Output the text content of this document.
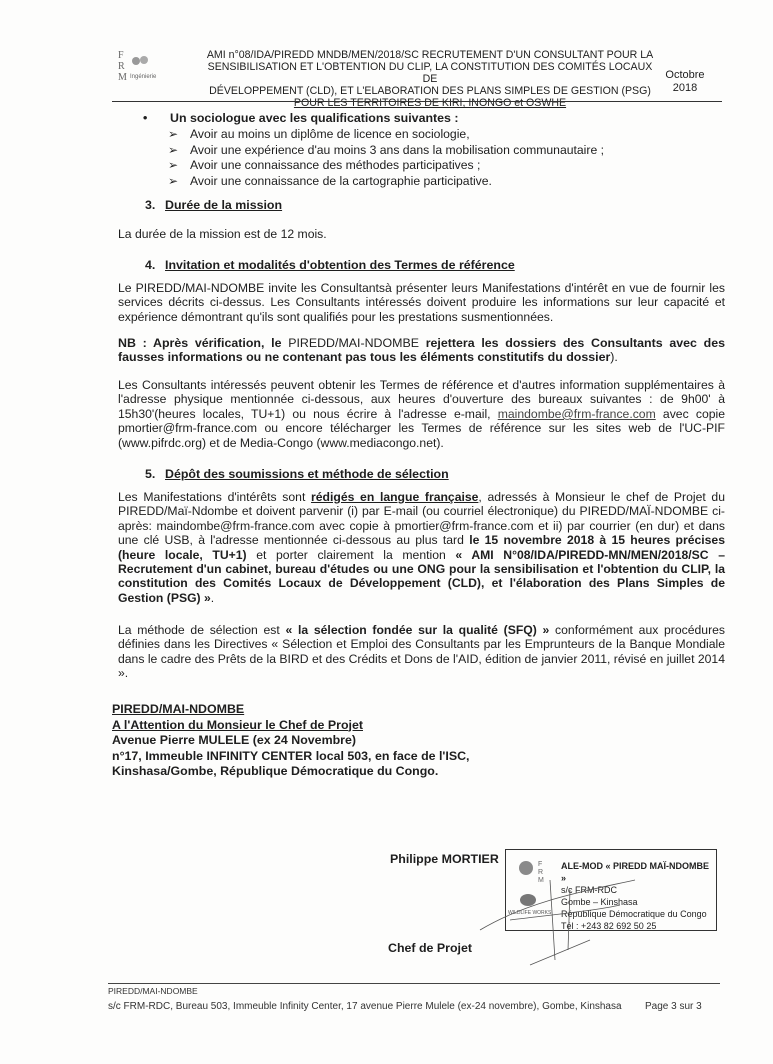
F
R
M Ingénierie
AMI n°08/IDA/PIREDD MNDB/MEN/2018/SC RECRUTEMENT D'UN CONSULTANT POUR LA
SENSIBILISATION ET L'OBTENTION DU CLIP, LA CONSTITUTION DES COMITÉS LOCAUX DE
DÉVELOPPEMENT (CLD), ET L'ELABORATION DES PLANS SIMPLES DE GESTION (PSG)
POUR LES TERRITOIRES DE KIRI, INONGO et OSWHE
Octobre
2018
• Un sociologue avec les qualifications suivantes :
➢ Avoir au moins un diplôme de licence en sociologie,
➢ Avoir une expérience d'au moins 3 ans dans la mobilisation communautaire ;
➢ Avoir une connaissance des méthodes participatives ;
➢ Avoir une connaissance de la cartographie participative.
3. Durée de la mission
La durée de la mission est de 12 mois.
4. Invitation et modalités d'obtention des Termes de référence
Le PIREDD/MAI-NDOMBE invite les Consultantsà présenter leurs Manifestations d'intérêt en vue de fournir les services décrits ci-dessus. Les Consultants intéressés doivent produire les informations sur leur capacité et expérience démontrant qu'ils sont qualifiés pour les prestations susmentionnées.
NB : Après vérification, le PIREDD/MAI-NDOMBE rejettera les dossiers des Consultants avec des fausses informations ou ne contenant pas tous les éléments constitutifs du dossier).
Les Consultants intéressés peuvent obtenir les Termes de référence et d'autres information supplémentaires à l'adresse physique mentionnée ci-dessous, aux heures d'ouverture des bureaux suivantes : de 9h00' à 15h30'(heures locales, TU+1) ou nous écrire à l'adresse e-mail, maindombe@frm-france.com avec copie pmortier@frm-france.com ou encore télécharger les Termes de référence sur les sites web de l'UC-PIF (www.pifrdc.org) et de Media-Congo (www.mediacongo.net).
5. Dépôt des soumissions et méthode de sélection
Les Manifestations d'intérêts sont rédigés en langue française, adressés à Monsieur le chef de Projet du PIREDD/Maï-Ndombe et doivent parvenir (i) par E-mail (ou courriel électronique) du PIREDD/MAÏ-NDOMBE ci-après: maindombe@frm-france.com avec copie à pmortier@frm-france.com et ii) par courrier (en dur) et dans une clé USB, à l'adresse mentionnée ci-dessous au plus tard le 15 novembre 2018 à 15 heures précises (heure locale, TU+1) et porter clairement la mention « AMI N°08/IDA/PIREDD-MN/MEN/2018/SC – Recrutement d'un cabinet, bureau d'études ou une ONG pour la sensibilisation et l'obtention du CLIP, la constitution des Comités Locaux de Développement (CLD), et l'élaboration des Plans Simples de Gestion (PSG) ».
La méthode de sélection est « la sélection fondée sur la qualité (SFQ) » conformément aux procédures définies dans les Directives « Sélection et Emploi des Consultants par les Emprunteurs de la Banque Mondiale dans le cadre des Prêts de la BIRD et des Crédits et Dons de l'AID, édition de janvier 2011, révisé en juillet 2014 ».
PIREDD/MAI-NDOMBE
A l'Attention du Monsieur le Chef de Projet
Avenue Pierre MULELE (ex 24 Novembre)
n°17, Immeuble INFINITY CENTER local 503, en face de l'ISC,
Kinshasa/Gombe, République Démocratique du Congo.
Philippe MORTIER	F
R
M
WILDLIFE WORKS
ALE-MOD « PIREDD MAÏ-NDOMBE »
s/c FRM-RDC
Gombe – Kinshasa
République Démocratique du Congo
Tél : +243 82 692 50 25
Chef de Projet
PIREDD/MAI-NDOMBE
s/c FRM-RDC, Bureau 503, Immeuble Infinity Center, 17 avenue Pierre Mulele (ex-24 novembre), Gombe, Kinshasa Page 3 sur 3
